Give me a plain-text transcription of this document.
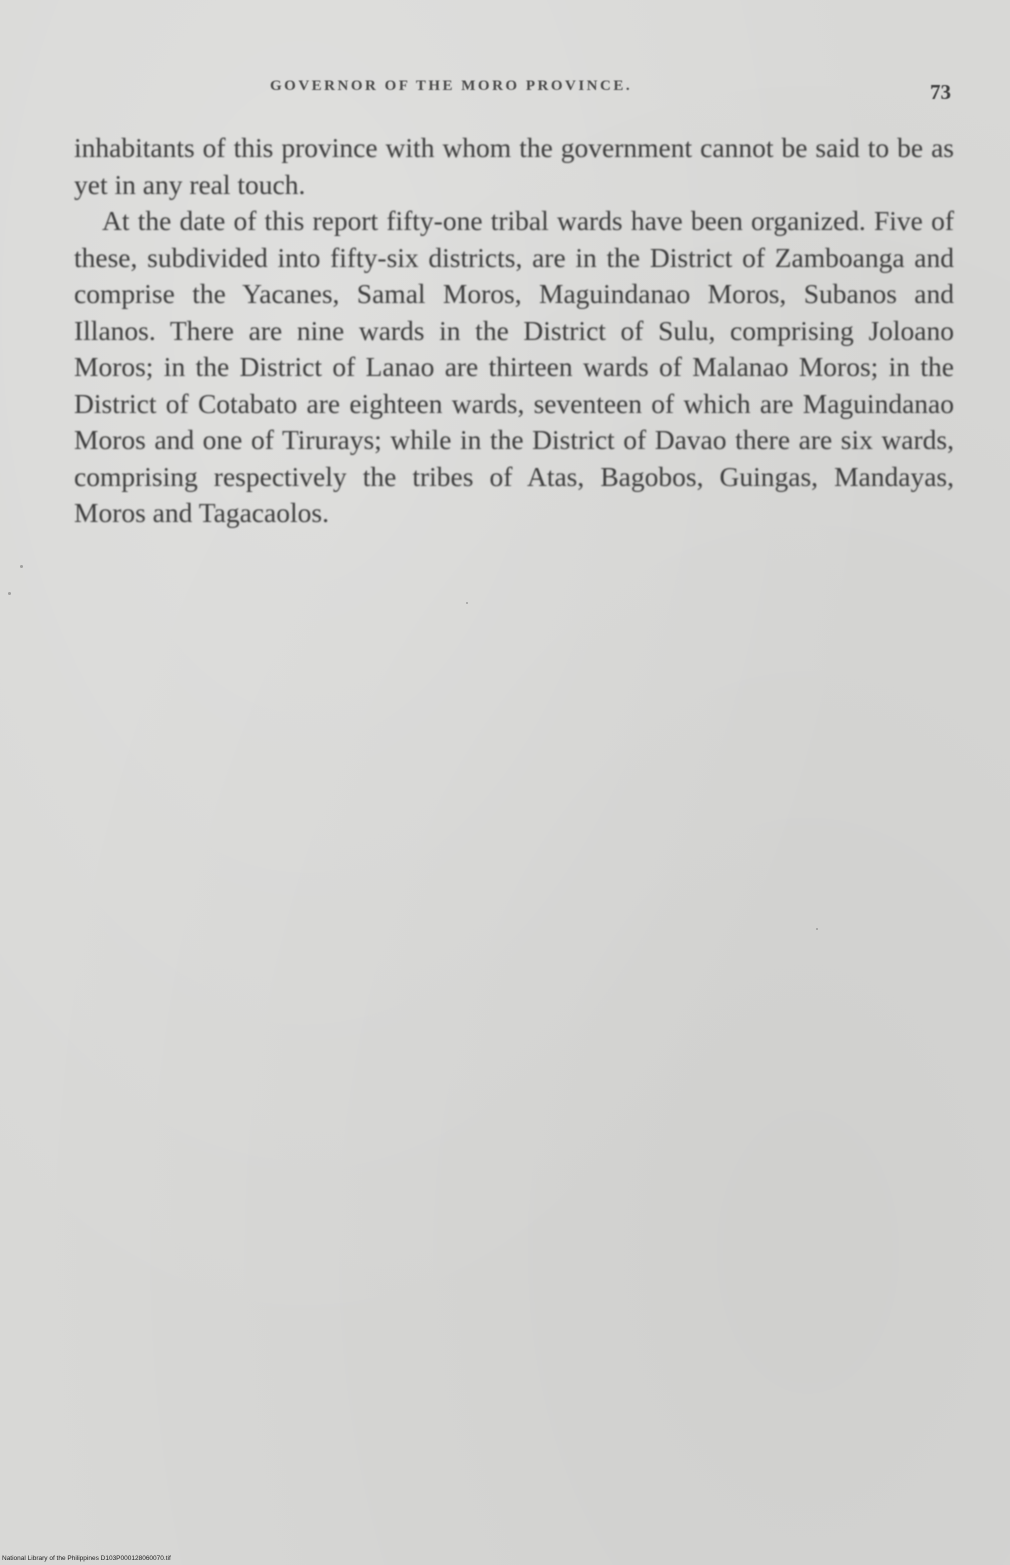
GOVERNOR OF THE MORO PROVINCE.	73

inhabitants of this province with whom the government cannot be said to be as yet in any real touch.

At the date of this report fifty-one tribal wards have been organized. Five of these, subdivided into fifty-six districts, are in the District of Zamboanga and comprise the Yacanes, Samal Moros, Maguindanao Moros, Subanos and Illanos. There are nine wards in the District of Sulu, comprising Joloano Moros; in the District of Lanao are thirteen wards of Malanao Moros; in the District of Cotabato are eighteen wards, seventeen of which are Maguindanao Moros and one of Tirurays; while in the District of Davao there are six wards, comprising respectively the tribes of Atas, Bagobos, Guingas, Mandayas, Moros and Tagacaolos.

National Library of the Philippines D103P000128060070.tif
